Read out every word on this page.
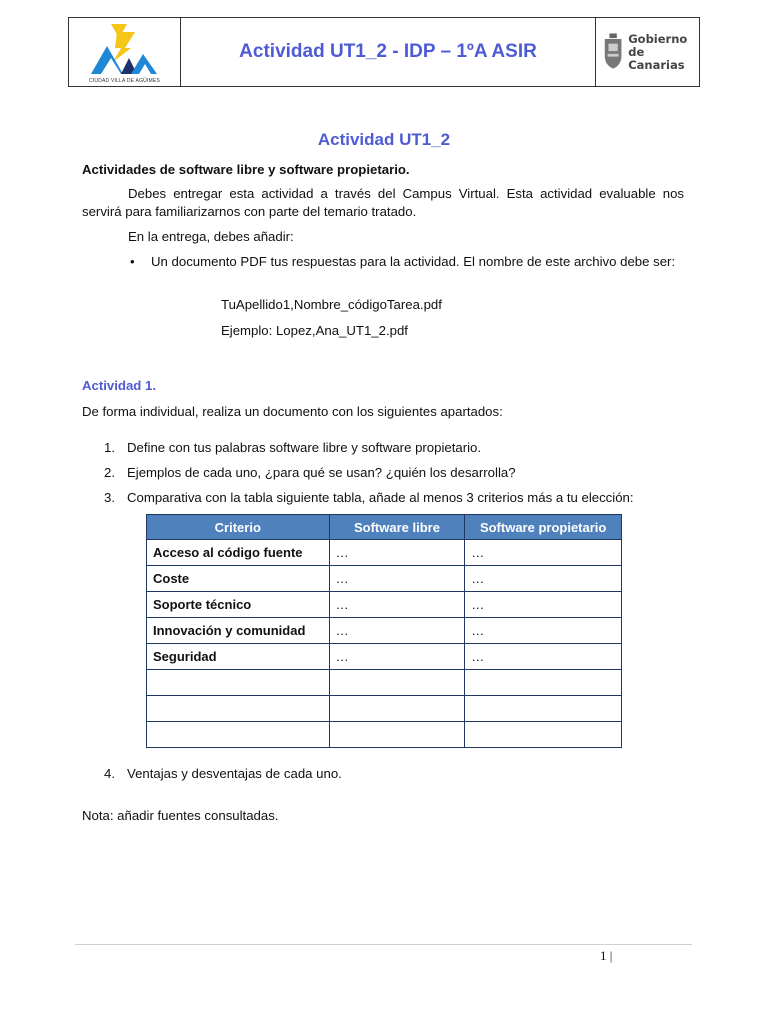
CIUDAD VILLA DE AGÜIMES
Actividad UT1_2 - IDP – 1ºA ASIR
Gobierno
de Canarias
Actividad UT1_2

Actividades de software libre y software propietario.

Debes entregar esta actividad a través del Campus Virtual. Esta actividad evaluable nos servirá para familiarizarnos con parte del temario tratado.

En la entrega, debes añadir:

• Un documento PDF tus respuestas para la actividad. El nombre de este archivo debe ser:

TuApellido1,Nombre_códigoTarea.pdf

Ejemplo: Lopez,Ana_UT1_2.pdf

Actividad 1.

De forma individual, realiza un documento con los siguientes apartados:

1. Define con tus palabras software libre y software propietario.
2. Ejemplos de cada uno, ¿para qué se usan? ¿quién los desarrolla?
3. Comparativa con la tabla siguiente tabla, añade al menos 3 criterios más a tu elección:
4. Ventajas y desventajas de cada uno.
Criterio	Software libre	Software propietario
Acceso al código fuente	…	…
Coste	…	…
Soporte técnico	…	…
Innovación y comunidad	…	…
Seguridad	…	…

Nota: añadir fuentes consultadas.

1 |
